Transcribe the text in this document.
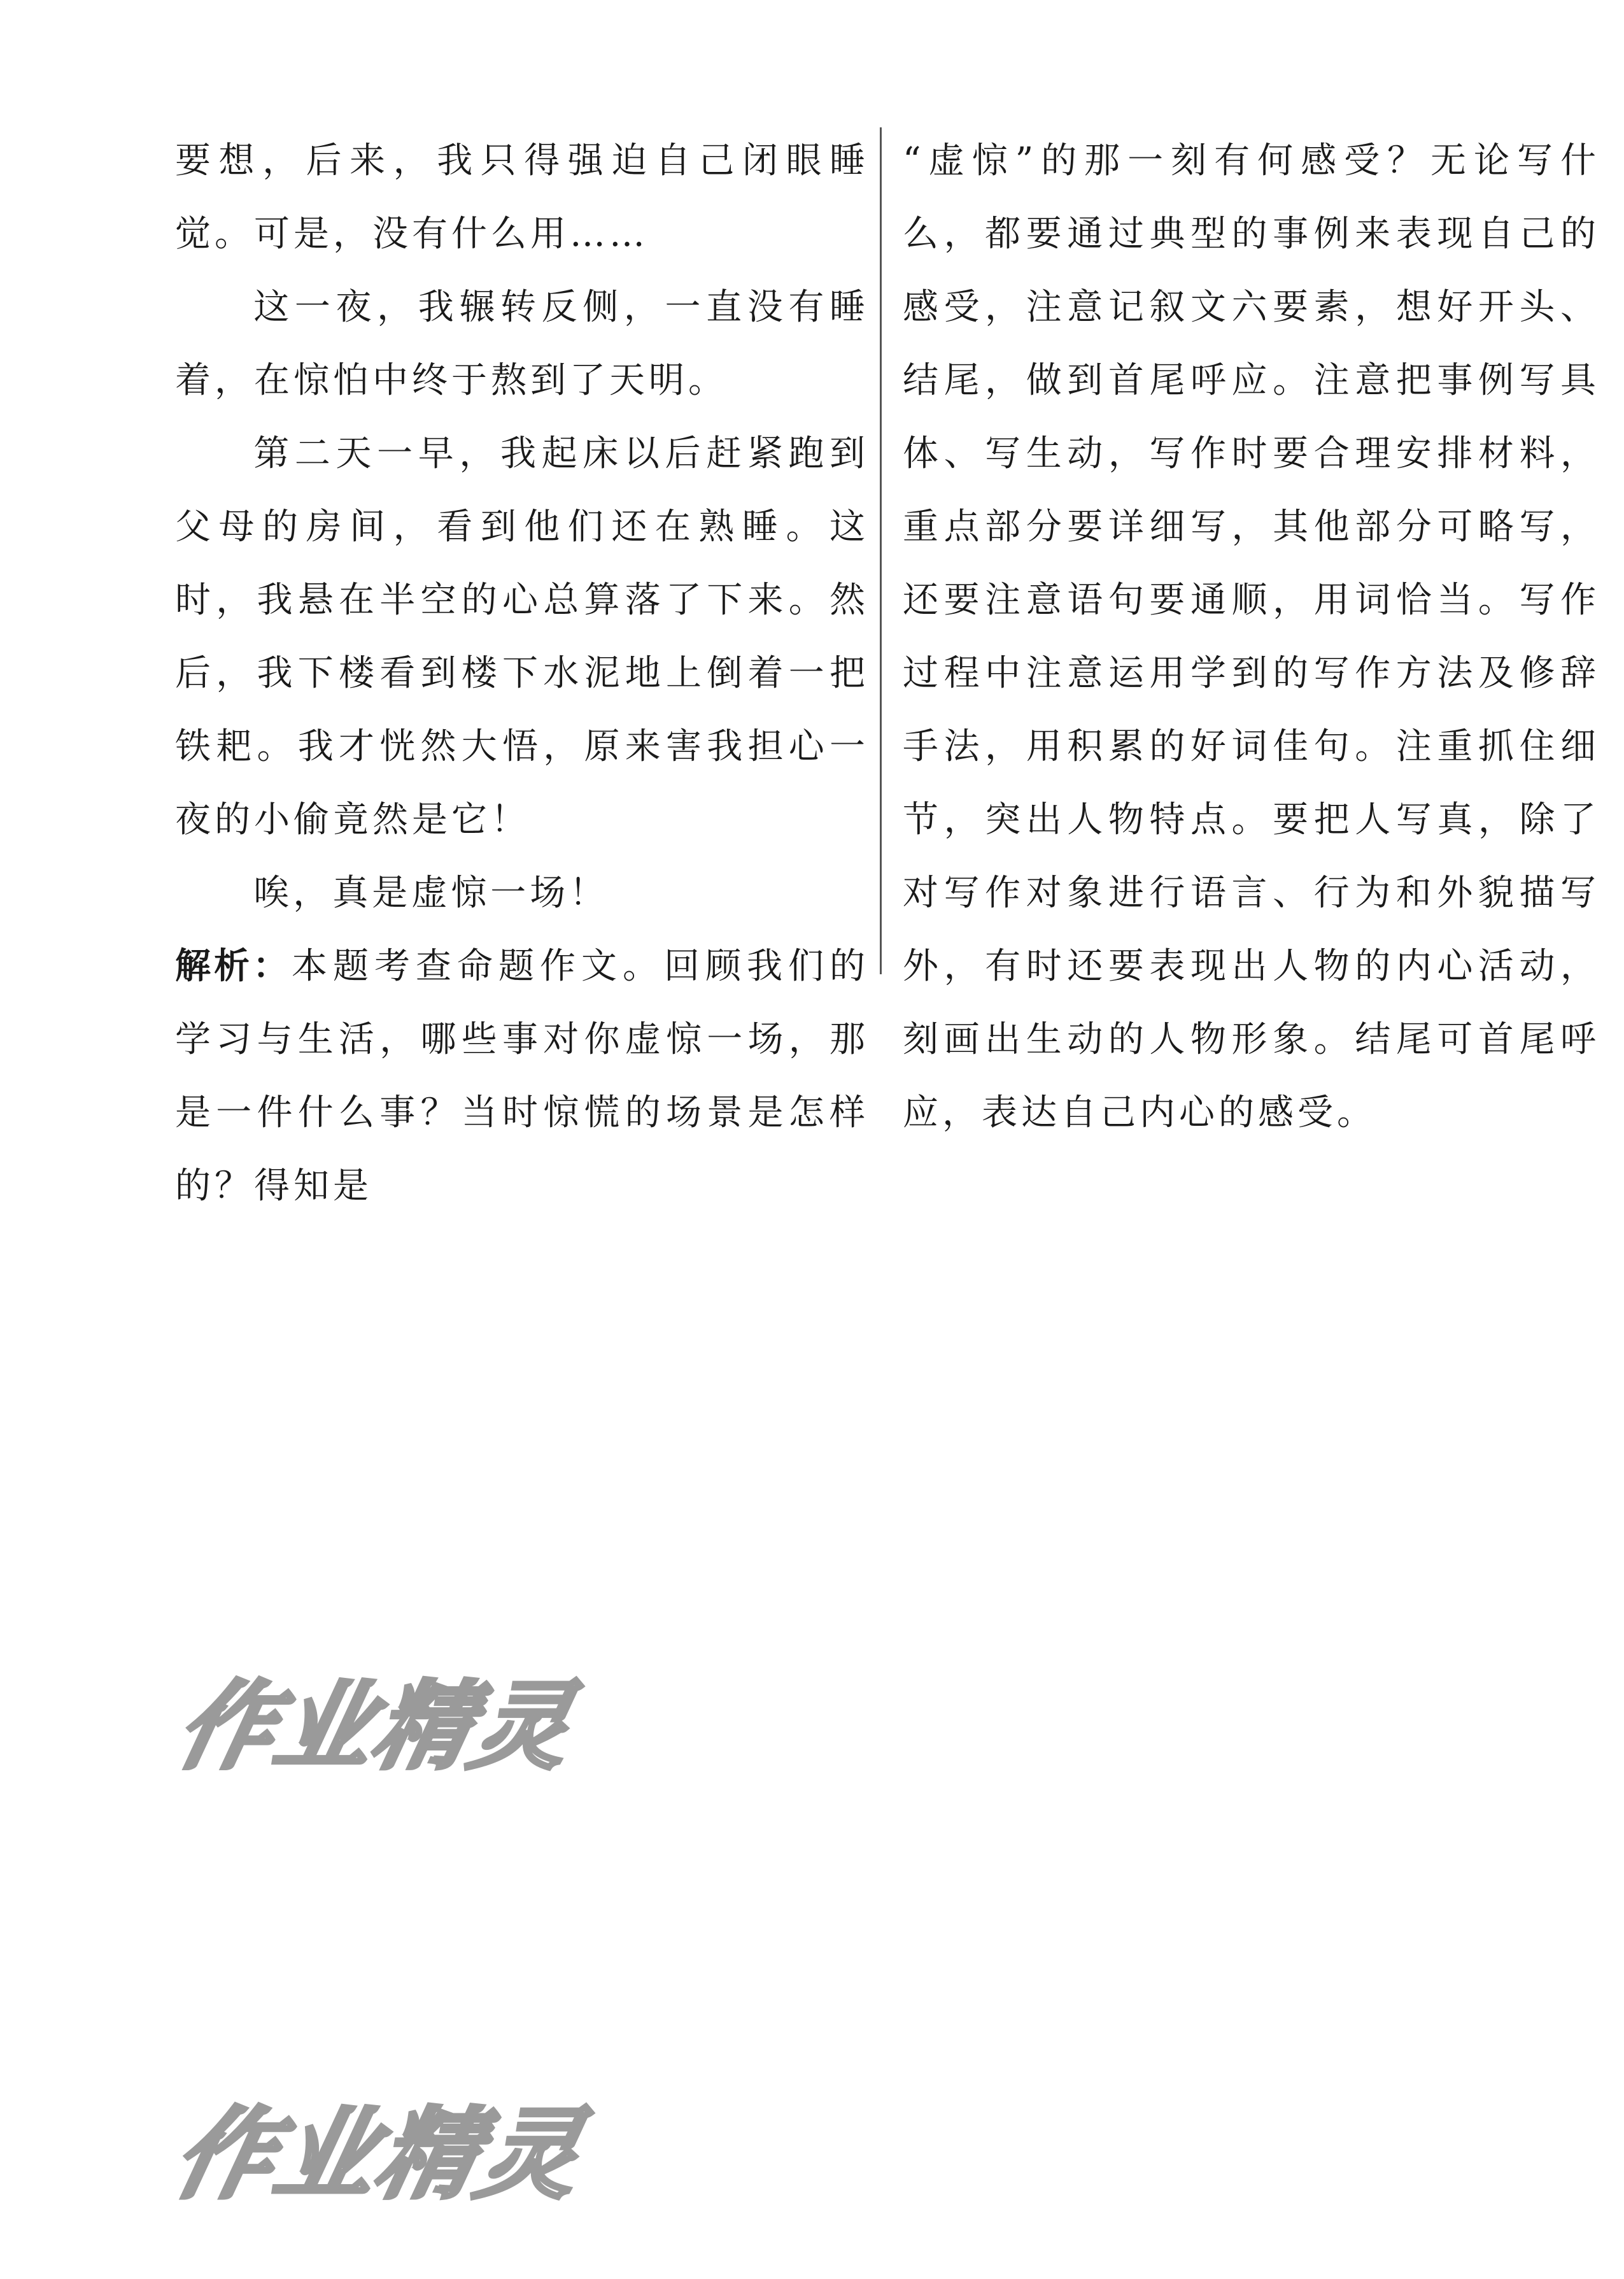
要想，后来，我只得强迫自己闭眼睡觉。可是，没有什么用……

这一夜，我辗转反侧，一直没有睡着，在惊怕中终于熬到了天明。

第二天一早，我起床以后赶紧跑到父母的房间，看到他们还在熟睡。这时，我悬在半空的心总算落了下来。然后，我下楼看到楼下水泥地上倒着一把铁耙。我才恍然大悟，原来害我担心一夜的小偷竟然是它！

唉，真是虚惊一场！

解析：本题考查命题作文。回顾我们的学习与生活，哪些事对你虚惊一场，那是一件什么事？当时惊慌的场景是怎样的？得知是

“虚惊”的那一刻有何感受？无论写什么，都要通过典型的事例来表现自己的感受，注意记叙文六要素，想好开头、结尾，做到首尾呼应。注意把事例写具体、写生动，写作时要合理安排材料，重点部分要详细写，其他部分可略写，还要注意语句要通顺，用词恰当。写作过程中注意运用学到的写作方法及修辞手法，用积累的好词佳句。注重抓住细节，突出人物特点。要把人写真，除了对写作对象进行语言、行为和外貌描写外，有时还要表现出人物的内心活动，刻画出生动的人物形象。结尾可首尾呼应，表达自己内心的感受。

作业精灵
作业精灵
